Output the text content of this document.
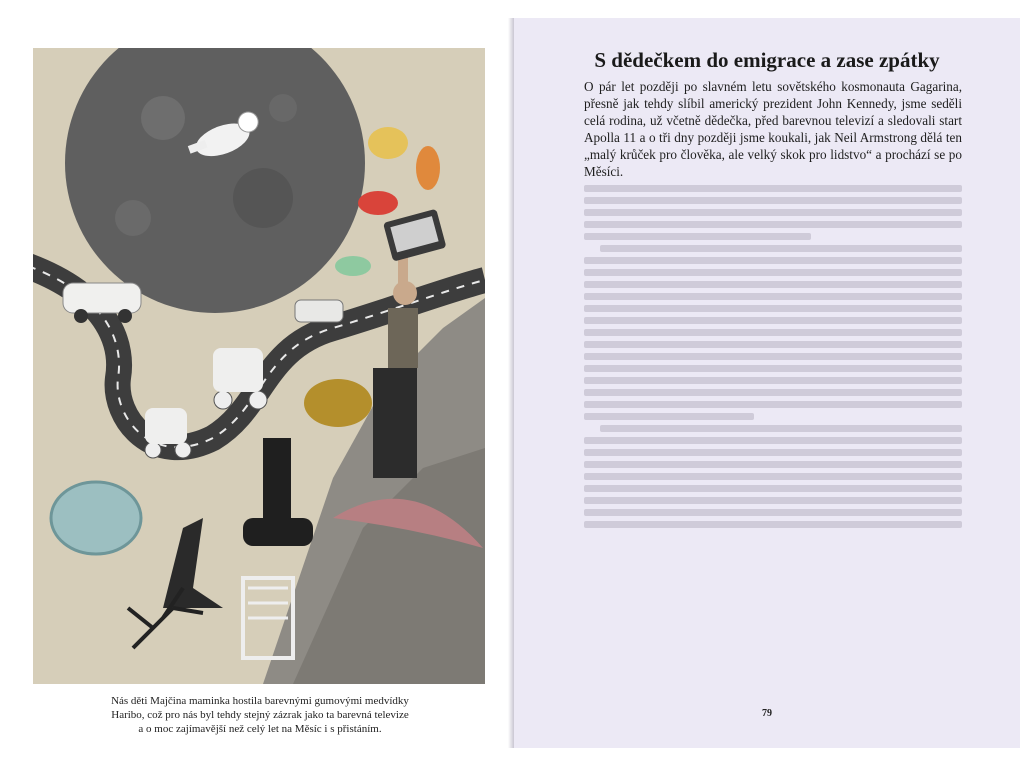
Nás děti Majčina maminka hostila barevnými gumovými medvídky
Haribo, což pro nás byl tehdy stejný zázrak jako ta barevná televize
a o moc zajímavější než celý let na Měsíc i s přistáním.
S dědečkem do emigrace a zase zpátky

O pár let později po slavném letu sovětského kosmonauta Gagarina, přesně jak tehdy slíbil americký prezident John Kennedy, jsme seděli celá rodina, už včetně dědečka, před barevnou televizí a sledovali start Apolla 11 a o tři dny později jsme koukali, jak Neil Armstrong dělá ten „malý krůček pro člověka, ale velký skok pro lidstvo“ a prochází se po Měsíci.

79
